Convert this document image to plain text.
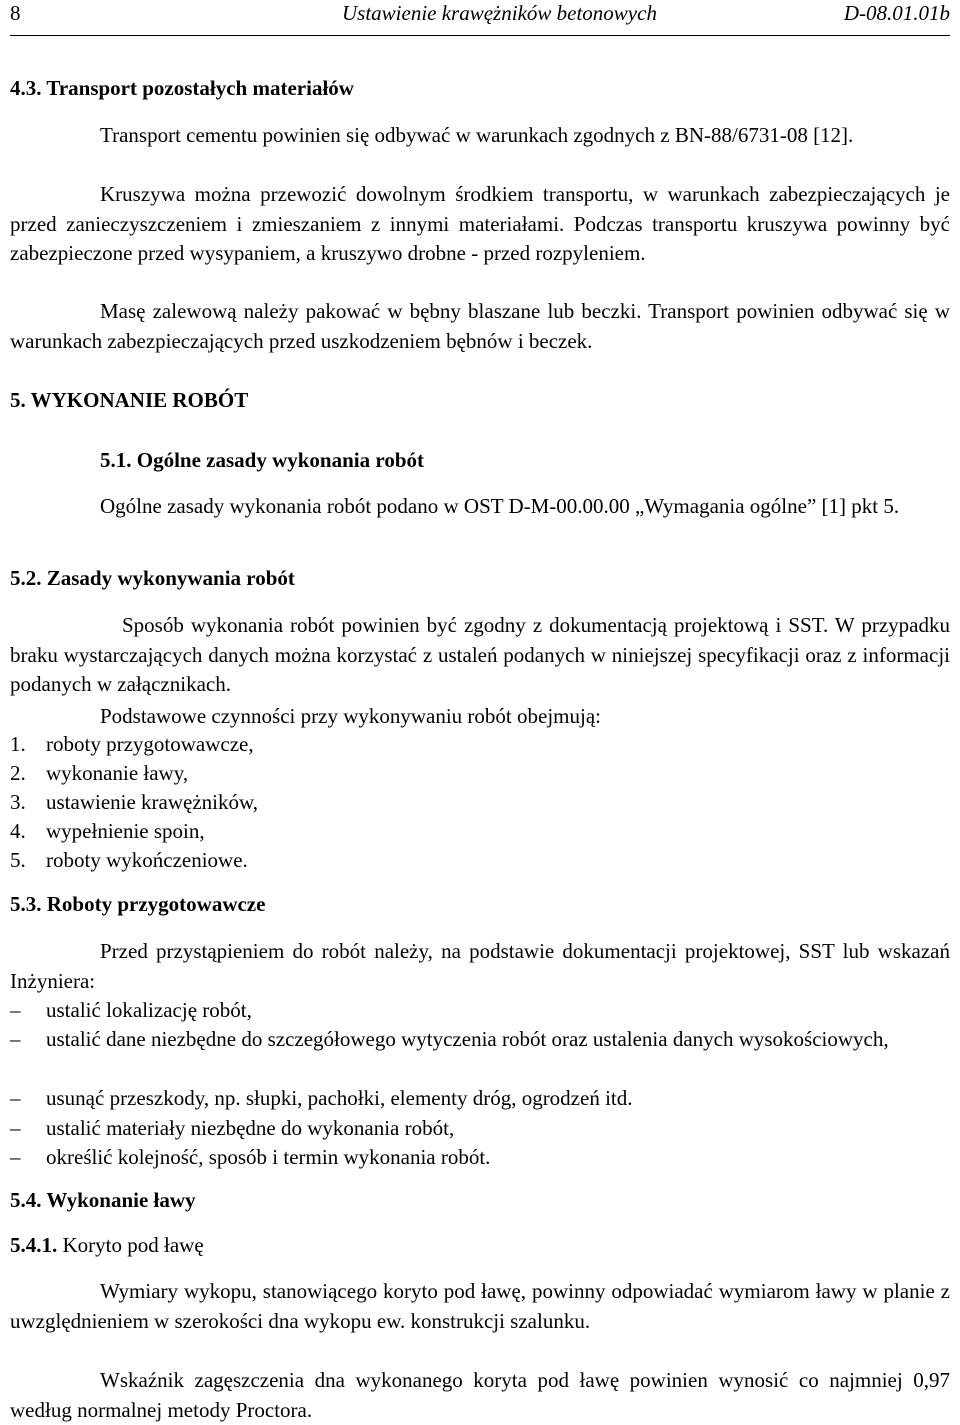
8	Ustawienie krawężników betonowych	D-08.01.01b
4.3. Transport pozostałych materiałów
Transport cementu powinien się odbywać w warunkach zgodnych z BN-88/6731-08 [12].
Kruszywa można przewozić dowolnym środkiem transportu, w warunkach zabezpieczających je przed zanieczyszczeniem i zmieszaniem z innymi materiałami. Podczas transportu kruszywa powinny być zabezpieczone przed wysypaniem, a kruszywo drobne - przed rozpyleniem.
Masę zalewową należy pakować w bębny blaszane lub beczki. Transport powinien odbywać się w warunkach zabezpieczających przed uszkodzeniem bębnów i beczek.
5. WYKONANIE ROBÓT
5.1. Ogólne zasady wykonania robót
Ogólne zasady wykonania robót podano w OST D-M-00.00.00 „Wymagania ogólne” [1] pkt 5.
5.2. Zasady wykonywania robót
Sposób wykonania robót powinien być zgodny z dokumentacją projektową i SST. W przypadku braku wystarczających danych można korzystać z ustaleń podanych w niniejszej specyfikacji oraz z informacji podanych w załącznikach.
Podstawowe czynności przy wykonywaniu robót obejmują:
1. roboty przygotowawcze,
2. wykonanie ławy,
3. ustawienie krawężników,
4. wypełnienie spoin,
5. roboty wykończeniowe.
5.3. Roboty przygotowawcze
Przed przystąpieniem do robót należy, na podstawie dokumentacji projektowej, SST lub wskazań Inżyniera:
–	ustalić lokalizację robót,
–	ustalić dane niezbędne do szczegółowego wytyczenia robót oraz ustalenia danych wysokościowych,
–	usunąć przeszkody, np. słupki, pachołki, elementy dróg, ogrodzeń itd.
–	ustalić materiały niezbędne do wykonania robót,
–	określić kolejność, sposób i termin wykonania robót.
5.4. Wykonanie ławy
5.4.1. Koryto pod ławę
Wymiary wykopu, stanowiącego koryto pod ławę, powinny odpowiadać wymiarom ławy w planie z uwzględnieniem w szerokości dna wykopu ew. konstrukcji szalunku.
Wskaźnik zagęszczenia dna wykonanego koryta pod ławę powinien wynosić co najmniej 0,97 według normalnej metody Proctora.
